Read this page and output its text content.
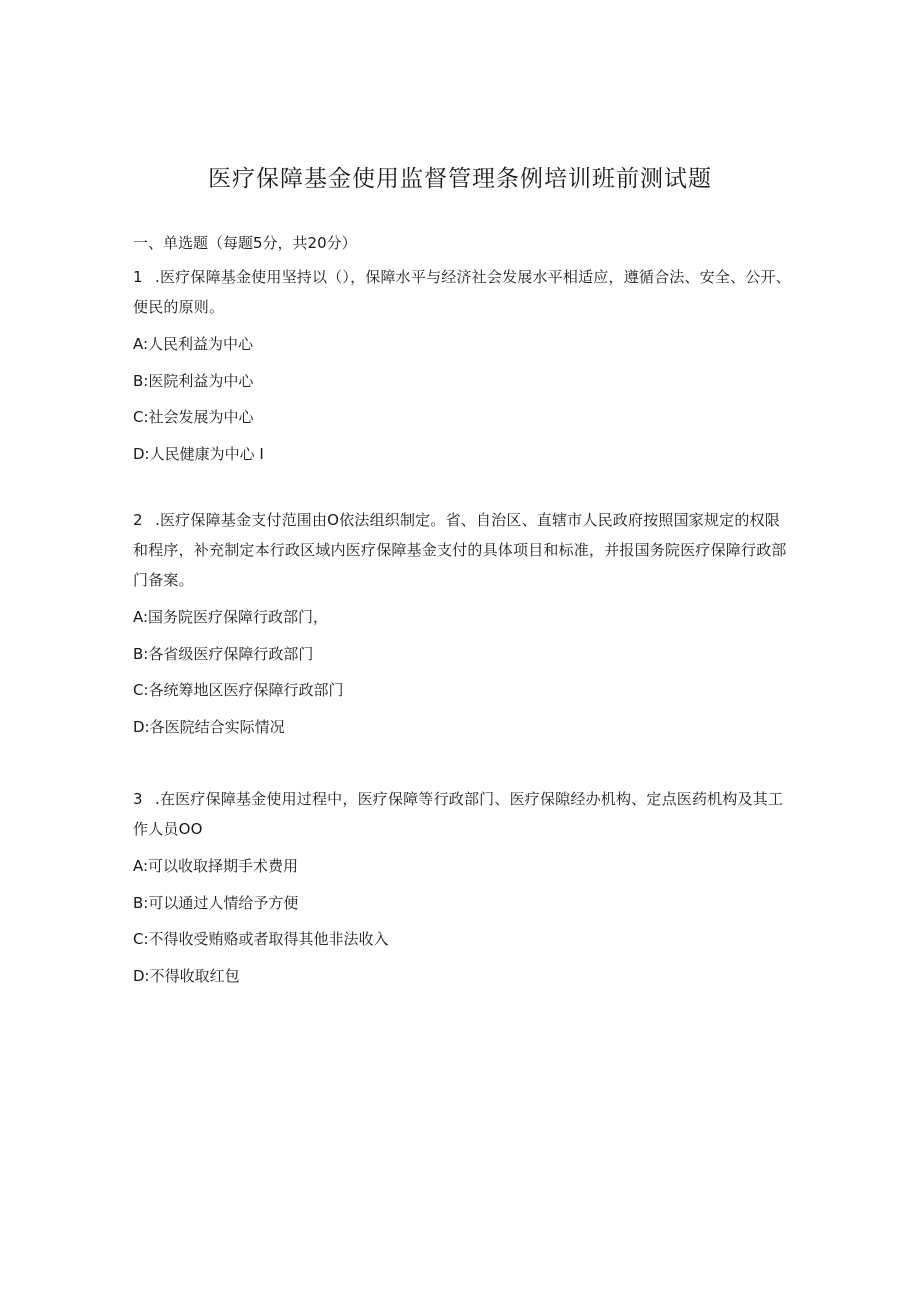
医疗保障基金使用监督管理条例培训班前测试题
一、单选题（每题5分，共20分）

1 .医疗保障基金使用坚持以（），保障水平与经济社会发展水平相适应，遵循合法、安全、公开、便民的原则。

A:人民利益为中心
B:医院利益为中心
C:社会发展为中心
D:人民健康为中心 I

2 .医疗保障基金支付范围由O依法组织制定。省、自治区、直辖市人民政府按照国家规定的权限和程序，补充制定本行政区域内医疗保障基金支付的具体项目和标准，并报国务院医疗保障行政部门备案。

A:国务院医疗保障行政部门，
B:各省级医疗保障行政部门
C:各统筹地区医疗保障行政部门
D:各医院结合实际情况

3 .在医疗保障基金使用过程中，医疗保障等行政部门、医疗保隙经办机构、定点医药机构及其工作人员OO

A:可以收取择期手术费用
B:可以通过人情给予方便
C:不得收受贿赂或者取得其他非法收入
D:不得收取红包
